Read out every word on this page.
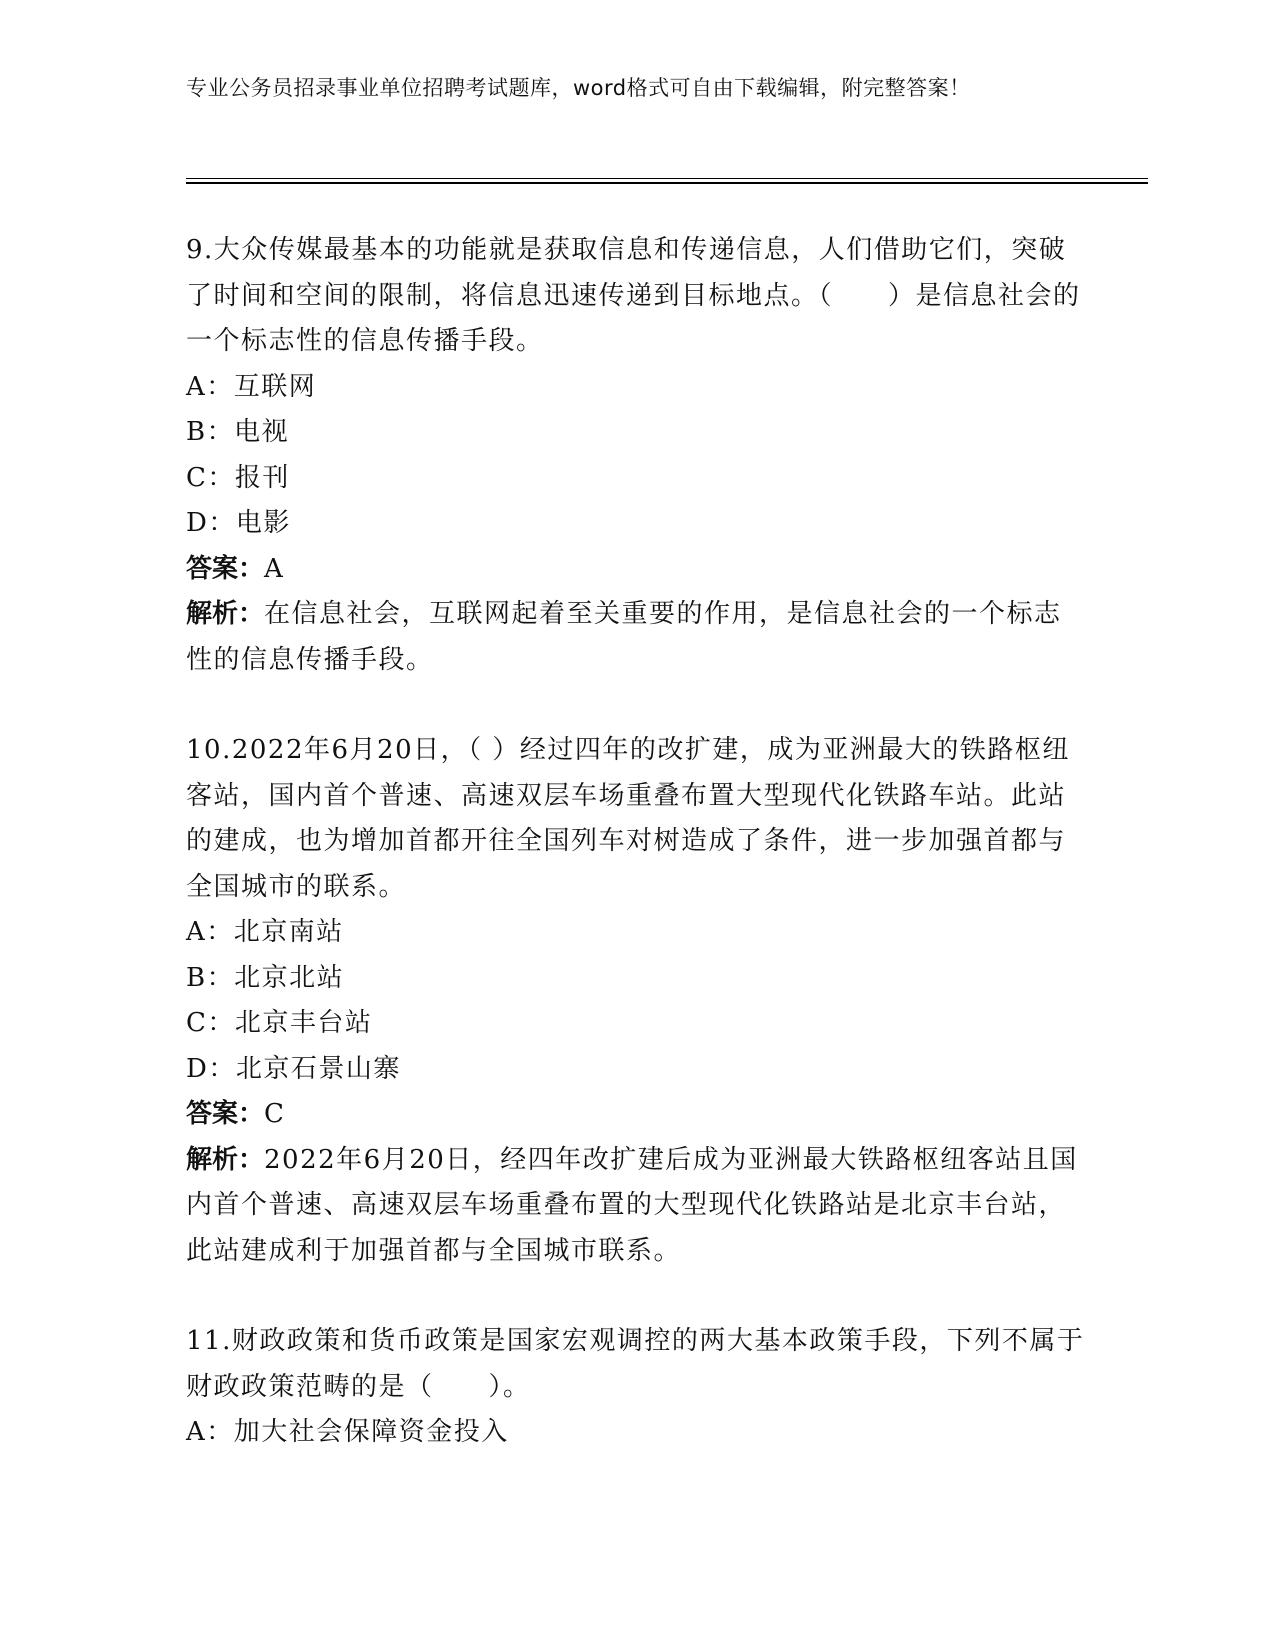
专业公务员招录事业单位招聘考试题库，word格式可自由下载编辑，附完整答案！
9.大众传媒最基本的功能就是获取信息和传递信息，人们借助它们，突破了时间和空间的限制，将信息迅速传递到目标地点。（　　）是信息社会的一个标志性的信息传播手段。
A：互联网
B：电视
C：报刊
D：电影
答案：A
解析：在信息社会，互联网起着至关重要的作用，是信息社会的一个标志性的信息传播手段。
10.2022年6月20日，（ ）经过四年的改扩建，成为亚洲最大的铁路枢纽客站，国内首个普速、高速双层车场重叠布置大型现代化铁路车站。此站的建成，也为增加首都开往全国列车对树造成了条件，进一步加强首都与全国城市的联系。
A：北京南站
B：北京北站
C：北京丰台站
D：北京石景山寨
答案：C
解析：2022年6月20日，经四年改扩建后成为亚洲最大铁路枢纽客站且国内首个普速、高速双层车场重叠布置的大型现代化铁路站是北京丰台站，此站建成利于加强首都与全国城市联系。
11.财政政策和货币政策是国家宏观调控的两大基本政策手段，下列不属于财政政策范畴的是（　　）。
A：加大社会保障资金投入
